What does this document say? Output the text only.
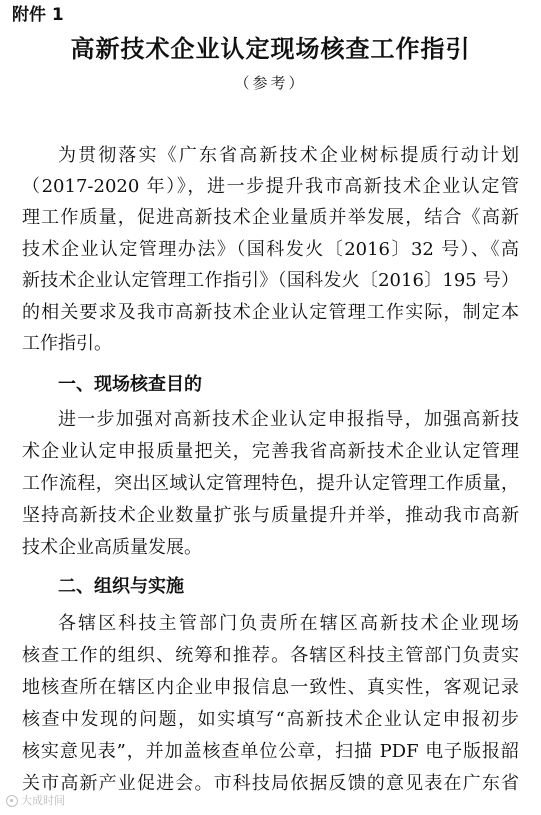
附件 1
高新技术企业认定现场核查工作指引
（参考）
为贯彻落实《广东省高新技术企业树标提质行动计划
（2017-2020 年）》，进一步提升我市高新技术企业认定管
理工作质量，促进高新技术企业量质并举发展，结合《高新
技术企业认定管理办法》（国科发火〔2016〕32 号）、《高
新技术企业认定管理工作指引》（国科发火〔2016〕195 号）
的相关要求及我市高新技术企业认定管理工作实际，制定本
工作指引。
一、现场核查目的
进一步加强对高新技术企业认定申报指导，加强高新技
术企业认定申报质量把关，完善我省高新技术企业认定管理
工作流程，突出区域认定管理特色，提升认定管理工作质量，
坚持高新技术企业数量扩张与质量提升并举，推动我市高新
技术企业高质量发展。
二、组织与实施
各辖区科技主管部门负责所在辖区高新技术企业现场
核查工作的组织、统筹和推荐。各辖区科技主管部门负责实
地核查所在辖区内企业申报信息一致性、真实性，客观记录
核查中发现的问题，如实填写“高新技术企业认定申报初步
核实意见表”，并加盖核查单位公章，扫描 PDF 电子版报韶
关市高新产业促进会。市科技局依据反馈的意见表在广东省
大成时间
